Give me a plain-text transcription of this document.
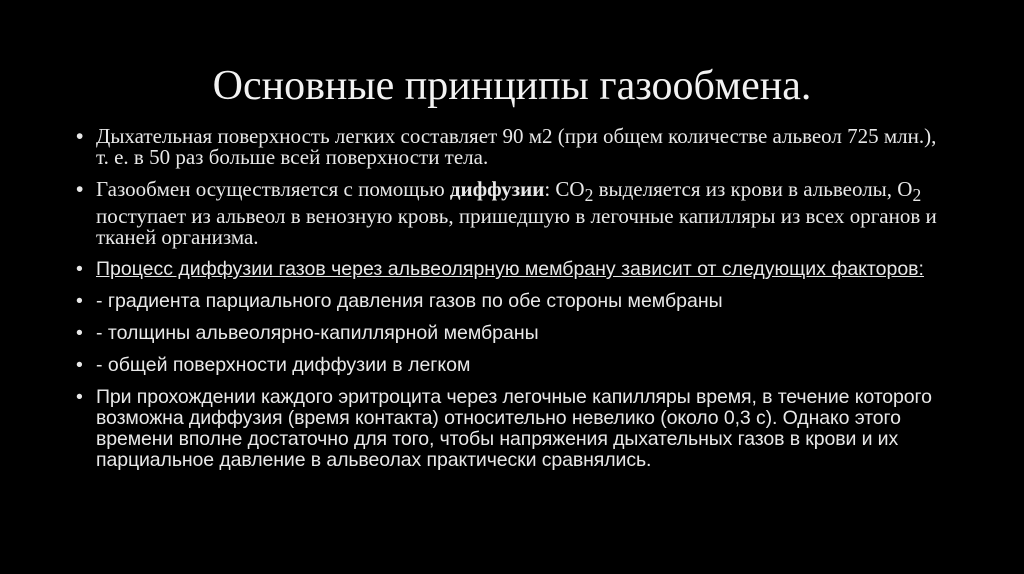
Основные принципы газообмена.
• Дыхательная поверхность легких составляет 90 м2 (при общем количестве альвеол 725 млн.), т. е. в 50 раз больше всей поверхности тела.
• Газообмен осуществляется с помощью диффузии: $CO_2$ выделяется из крови в альвеолы, $O_2$ поступает из альвеол в венозную кровь, пришедшую в легочные капилляры из всех органов и тканей организма.
• Процесс диффузии газов через альвеолярную мембрану зависит от следующих факторов:
• - градиента парциального давления газов по обе стороны мембраны
• - толщины альвеолярно-капиллярной мембраны
• - общей поверхности диффузии в легком
• При прохождении каждого эритроцита через легочные капилляры время, в течение которого возможна диффузия (время контакта) относительно невелико (около 0,3 с). Однако этого времени вполне достаточно для того, чтобы напряжения дыхательных газов в крови и их парциальное давление в альвеолах практически сравнялись.
